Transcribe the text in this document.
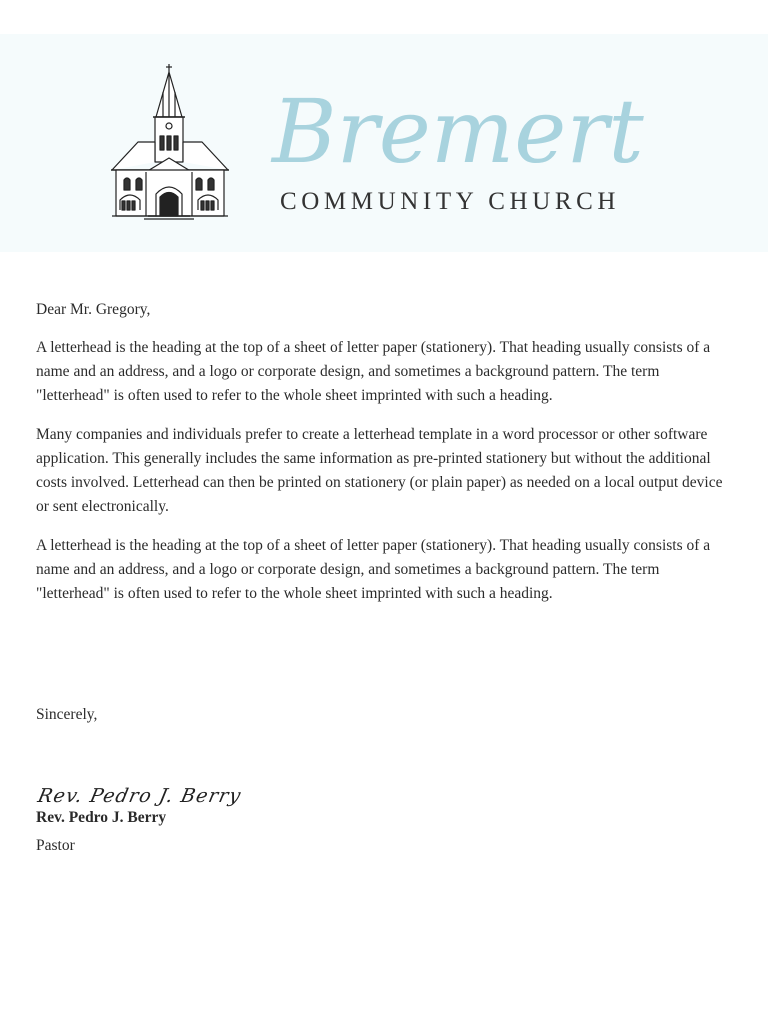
Bremert
COMMUNITY CHURCH

Dear Mr. Gregory,

A letterhead is the heading at the top of a sheet of letter paper (stationery). That heading usually consists of a name and an address, and a logo or corporate design, and sometimes a background pattern. The term "letterhead" is often used to refer to the whole sheet imprinted with such a heading.

Many companies and individuals prefer to create a letterhead template in a word processor or other software application. This generally includes the same information as pre-printed stationery but without the additional costs involved. Letterhead can then be printed on stationery (or plain paper) as needed on a local output device or sent electronically.

A letterhead is the heading at the top of a sheet of letter paper (stationery). That heading usually consists of a name and an address, and a logo or corporate design, and sometimes a background pattern. The term "letterhead" is often used to refer to the whole sheet imprinted with such a heading.

Sincerely,
Rev. Pedro J. Berry
Rev. Pedro J. Berry
Pastor
